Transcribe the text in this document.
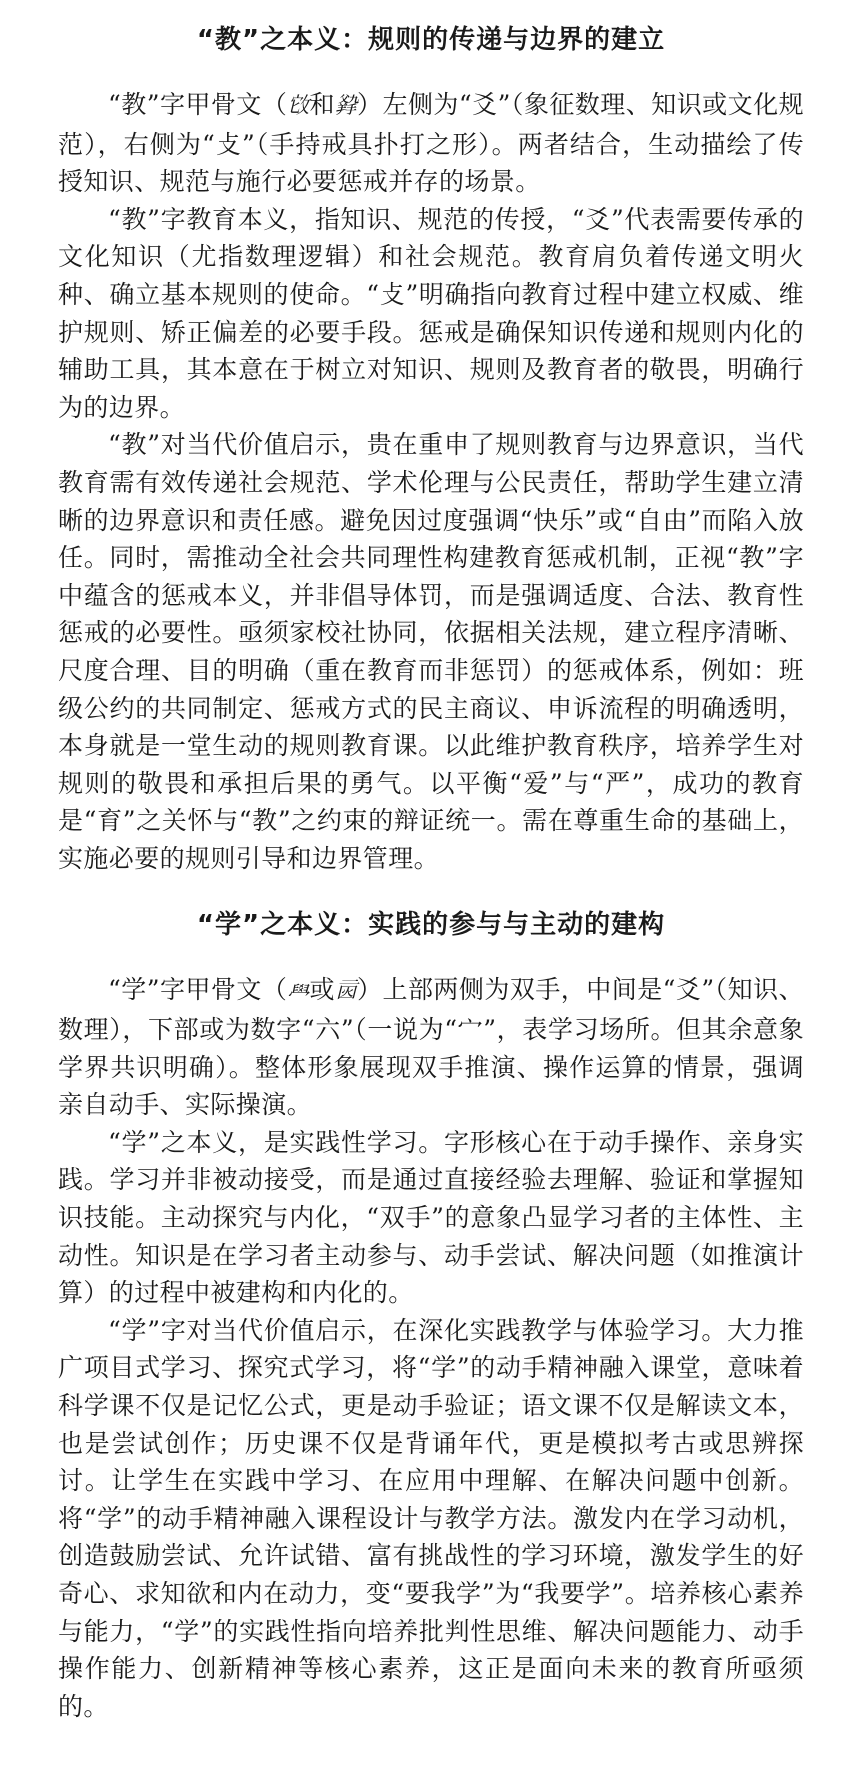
“教”之本义：规则的传递与边界的建立

“教”字甲骨文（𢼊和𤕛）左侧为“爻”（象征数理、知识或文化规范），右侧为“攴”（手持戒具扑打之形）。两者结合，生动描绘了传授知识、规范与施行必要惩戒并存的场景。

“教”字教育本义，指知识、规范的传授，“爻”代表需要传承的文化知识（尤指数理逻辑）和社会规范。教育肩负着传递文明火种、确立基本规则的使命。“攴”明确指向教育过程中建立权威、维护规则、矫正偏差的必要手段。惩戒是确保知识传递和规则内化的辅助工具，其本意在于树立对知识、规则及教育者的敬畏，明确行为的边界。

“教”对当代价值启示，贵在重申了规则教育与边界意识，当代教育需有效传递社会规范、学术伦理与公民责任，帮助学生建立清晰的边界意识和责任感。避免因过度强调“快乐”或“自由”而陷入放任。同时，需推动全社会共同理性构建教育惩戒机制，正视“教”字中蕴含的惩戒本义，并非倡导体罚，而是强调适度、合法、教育性惩戒的必要性。亟须家校社协同，依据相关法规，建立程序清晰、尺度合理、目的明确（重在教育而非惩罚）的惩戒体系，例如：班级公约的共同制定、惩戒方式的民主商议、申诉流程的明确透明，本身就是一堂生动的规则教育课。以此维护教育秩序，培养学生对规则的敬畏和承担后果的勇气。以平衡“爱”与“严”，成功的教育是“育”之关怀与“教”之约束的辩证统一。需在尊重生命的基础上，实施必要的规则引导和边界管理。

“学”之本义：实践的参与与主动的建构

“学”字甲骨文（𦥯或𠄰）上部两侧为双手，中间是“爻”（知识、数理），下部或为数字“六”（一说为“宀”，表学习场所。但其余意象学界共识明确）。整体形象展现双手推演、操作运算的情景，强调亲自动手、实际操演。

“学”之本义，是实践性学习。字形核心在于动手操作、亲身实践。学习并非被动接受，而是通过直接经验去理解、验证和掌握知识技能。主动探究与内化，“双手”的意象凸显学习者的主体性、主动性。知识是在学习者主动参与、动手尝试、解决问题（如推演计算）的过程中被建构和内化的。

“学”字对当代价值启示，在深化实践教学与体验学习。大力推广项目式学习、探究式学习，将“学”的动手精神融入课堂，意味着科学课不仅是记忆公式，更是动手验证；语文课不仅是解读文本，也是尝试创作；历史课不仅是背诵年代，更是模拟考古或思辨探讨。让学生在实践中学习、在应用中理解、在解决问题中创新。将“学”的动手精神融入课程设计与教学方法。激发内在学习动机，创造鼓励尝试、允许试错、富有挑战性的学习环境，激发学生的好奇心、求知欲和内在动力，变“要我学”为“我要学”。培养核心素养与能力，“学”的实践性指向培养批判性思维、解决问题能力、动手操作能力、创新精神等核心素养，这正是面向未来的教育所亟须的。
